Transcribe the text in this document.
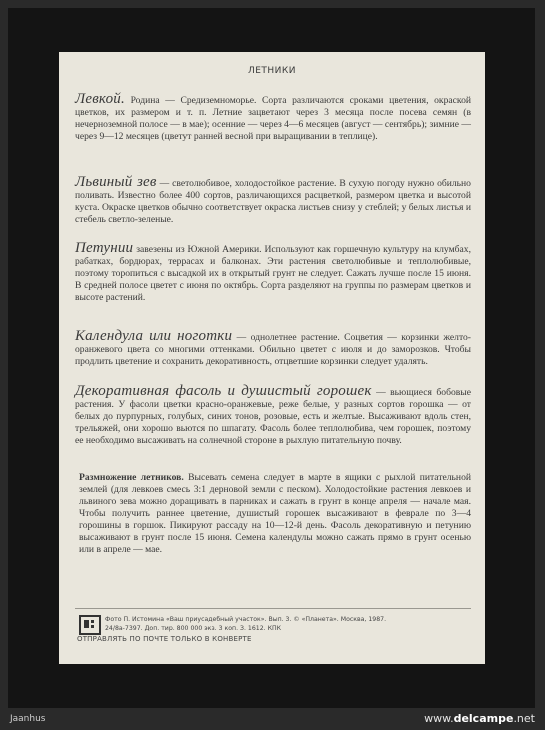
ЛЕТНИКИ

Левкой. Родина — Средиземноморье. Сорта различаются сроками цветения, окраской цветков, их размером и т. п. Летние зацветают через 3 месяца после посева семян (в нечерноземной полосе — в мае); осенние — через 4—6 месяцев (август — сентябрь); зимние — через 9—12 месяцев (цветут ранней весной при выращивании в теплице).

Львиный зев — светолюбивое, холодостойкое растение. В сухую погоду нужно обильно поливать. Известно более 400 сортов, различающихся расцветкой, размером цветка и высотой куста. Окраске цветков обычно соответствует окраска листьев снизу у стеблей; у белых листья и стебель светло-зеленые.

Петунии завезены из Южной Америки. Используют как горшечную культуру на клумбах, рабатках, бордюрах, террасах и балконах. Эти растения светолюбивые и теплолюбивые, поэтому торопиться с высадкой их в открытый грунт не следует. Сажать лучше после 15 июня. В средней полосе цветет с июня по октябрь. Сорта разделяют на группы по размерам цветков и высоте растений.

Календула или ноготки — однолетнее растение. Соцветия — корзинки желто-оранжевого цвета со многими оттенками. Обильно цветет с июля и до заморозков. Чтобы продлить цветение и сохранить декоративность, отцветшие корзинки следует удалять.

Декоративная фасоль и душистый горошек — вьющиеся бобовые растения. У фасоли цветки красно-оранжевые, реже белые, у разных сортов горошка — от белых до пурпурных, голубых, синих тонов, розовые, есть и желтые. Высаживают вдоль стен, трельяжей, они хорошо вьются по шпагату. Фасоль более теплолюбива, чем горошек, поэтому ее необходимо высаживать на солнечной стороне в рыхлую питательную почву.

Размножение летников. Высевать семена следует в марте в ящики с рыхлой питательной землей (для левкоев смесь 3:1 дерновой земли с песком). Холодостойкие растения левкоев и львиного зева можно доращивать в парниках и сажать в грунт в конце апреля — начале мая. Чтобы получить раннее цветение, душистый горошек высаживают в феврале по 3—4 горошины в горшок. Пикируют рассаду на 10—12-й день. Фасоль декоративную и петунию высаживают в грунт после 15 июня. Семена календулы можно сажать прямо в грунт осенью или в апреле — мае.

Фото П. Истомина «Ваш приусадебный участок». Вып. 3. © «Планета». Москва, 1987.
24/8а-7397. Доп. тир. 800 000 экз. 3 коп. З. 1612. КПК
ОТПРАВЛЯТЬ ПО ПОЧТЕ ТОЛЬКО В КОНВЕРТЕ
Jaanhus	www.delcampe.net
